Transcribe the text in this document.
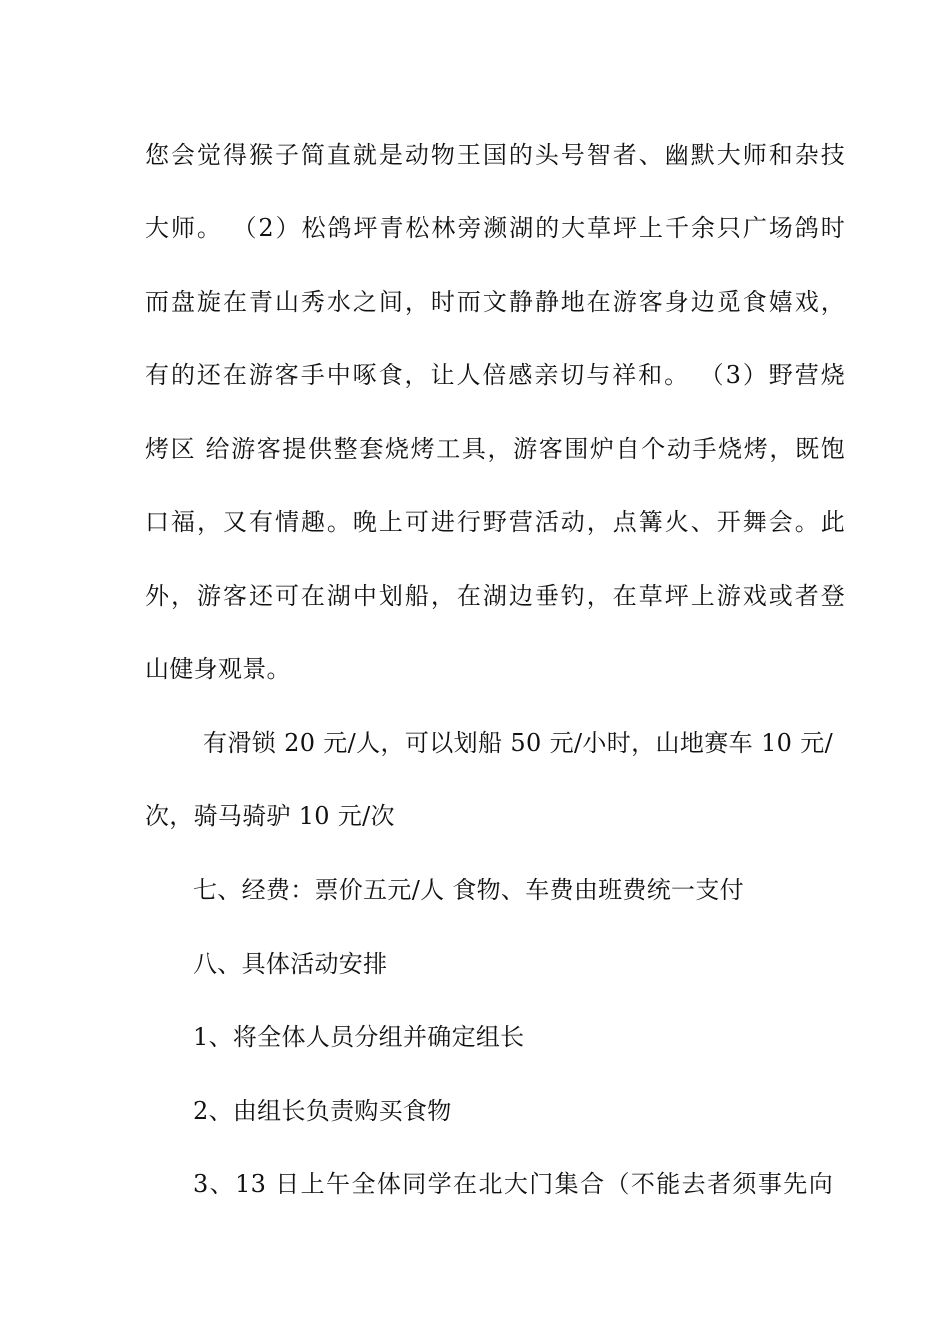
您会觉得猴子简直就是动物王国的头号智者、幽默大师和杂技
大师。 （2）松鸽坪青松林旁濒湖的大草坪上千余只广场鸽时
而盘旋在青山秀水之间，时而文静静地在游客身边觅食嬉戏，
有的还在游客手中啄食，让人倍感亲切与祥和。 （3）野营烧
烤区 给游客提供整套烧烤工具，游客围炉自个动手烧烤，既饱
口福，又有情趣。晚上可进行野营活动，点篝火、开舞会。此
外，游客还可在湖中划船，在湖边垂钓，在草坪上游戏或者登
山健身观景。
有滑锁 20 元/人，可以划船 50 元/小时，山地赛车 10 元/
次，骑马骑驴 10 元/次
七、经费：票价五元/人 食物、车费由班费统一支付
八、具体活动安排
1、将全体人员分组并确定组长
2、由组长负责购买食物
3、13 日上午全体同学在北大门集合（不能去者须事先向
